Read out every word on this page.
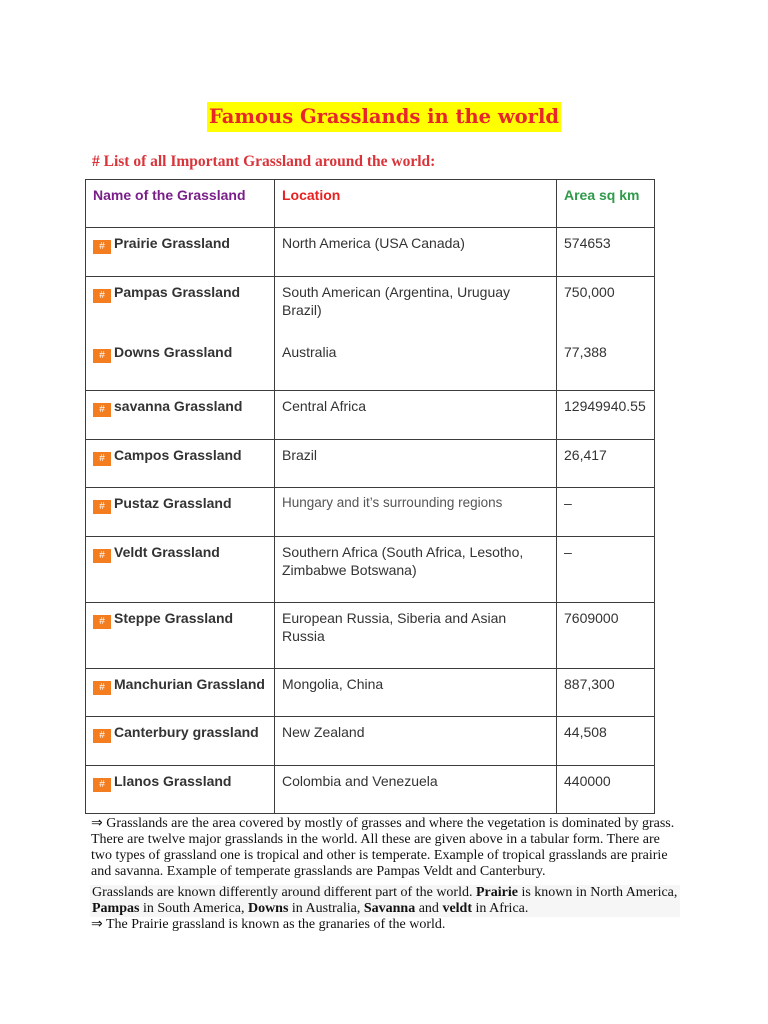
Famous Grasslands in the world
# List of all Important Grassland around the world:
Name of the Grassland	Location	Area sq km
# Prairie Grassland	North America (USA Canada)	574653
# Pampas Grassland	South American (Argentina, Uruguay Brazil)	750,000
# Downs Grassland	Australia	77,388
# savanna Grassland	Central Africa	12949940.55
# Campos Grassland	Brazil	26,417
# Pustaz Grassland	Hungary and it’s surrounding regions	–
# Veldt Grassland	Southern Africa (South Africa, Lesotho, Zimbabwe Botswana)	–
# Steppe Grassland	European Russia, Siberia and Asian Russia	7609000
# Manchurian Grassland	Mongolia, China	887,300
# Canterbury grassland	New Zealand	44,508
# Llanos Grassland	Colombia and Venezuela	440000
⇒ Grasslands are the area covered by mostly of grasses and where the vegetation is dominated by grass. There are twelve major grasslands in the world. All these are given above in a tabular form. There are two types of grassland one is tropical and other is temperate. Example of tropical grasslands are prairie and savanna. Example of temperate grasslands are Pampas Veldt and Canterbury.
Grasslands are known differently around different part of the world. Prairie is known in North America,  Pampas in South America, Downs in Australia, Savanna and veldt in Africa.
⇒ The Prairie grassland is known as the granaries of the world.
